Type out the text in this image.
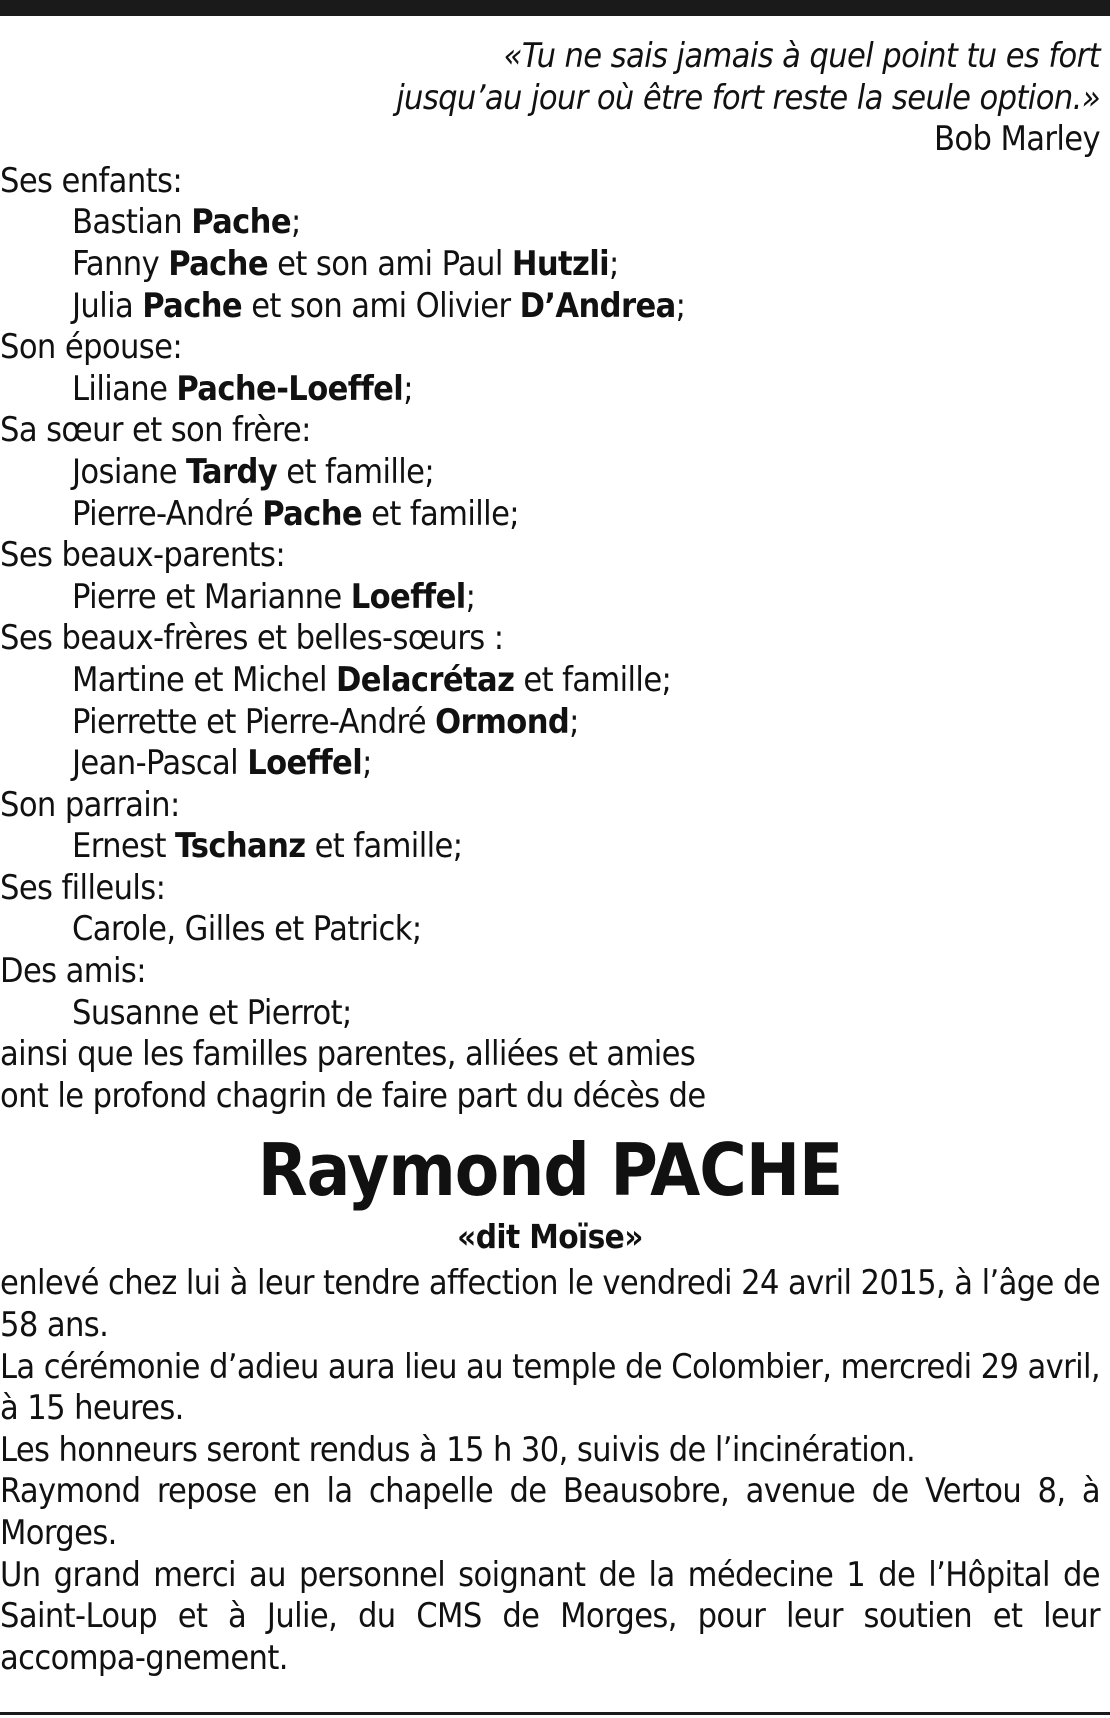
«Tu ne sais jamais à quel point tu es fort
jusqu’au jour où être fort reste la seule option.»
Bob Marley
Ses enfants:
Bastian Pache;
Fanny Pache et son ami Paul Hutzli;
Julia Pache et son ami Olivier D’Andrea;
Son épouse:
Liliane Pache-Loeffel;
Sa sœur et son frère:
Josiane Tardy et famille;
Pierre-André Pache et famille;
Ses beaux-parents:
Pierre et Marianne Loeffel;
Ses beaux-frères et belles-sœurs :
Martine et Michel Delacrétaz et famille;
Pierrette et Pierre-André Ormond;
Jean-Pascal Loeffel;
Son parrain:
Ernest Tschanz et famille;
Ses filleuls:
Carole, Gilles et Patrick;
Des amis:
Susanne et Pierrot;
ainsi que les familles parentes, alliées et amies
ont le profond chagrin de faire part du décès de
Raymond PACHE
«dit Moïse»
enlevé chez lui à leur tendre affection le vendredi 24 avril 2015, à l’âge de 58 ans.
La cérémonie d’adieu aura lieu au temple de Colombier, mercredi 29 avril, à 15 heures.
Les honneurs seront rendus à 15 h 30, suivis de l’incinération.
Raymond repose en la chapelle de Beausobre, avenue de Vertou 8, à Morges.
Un grand merci au personnel soignant de la médecine 1 de l’Hôpital de Saint-Loup et à Julie, du CMS de Morges, pour leur soutien et leur accompa-gnement.
